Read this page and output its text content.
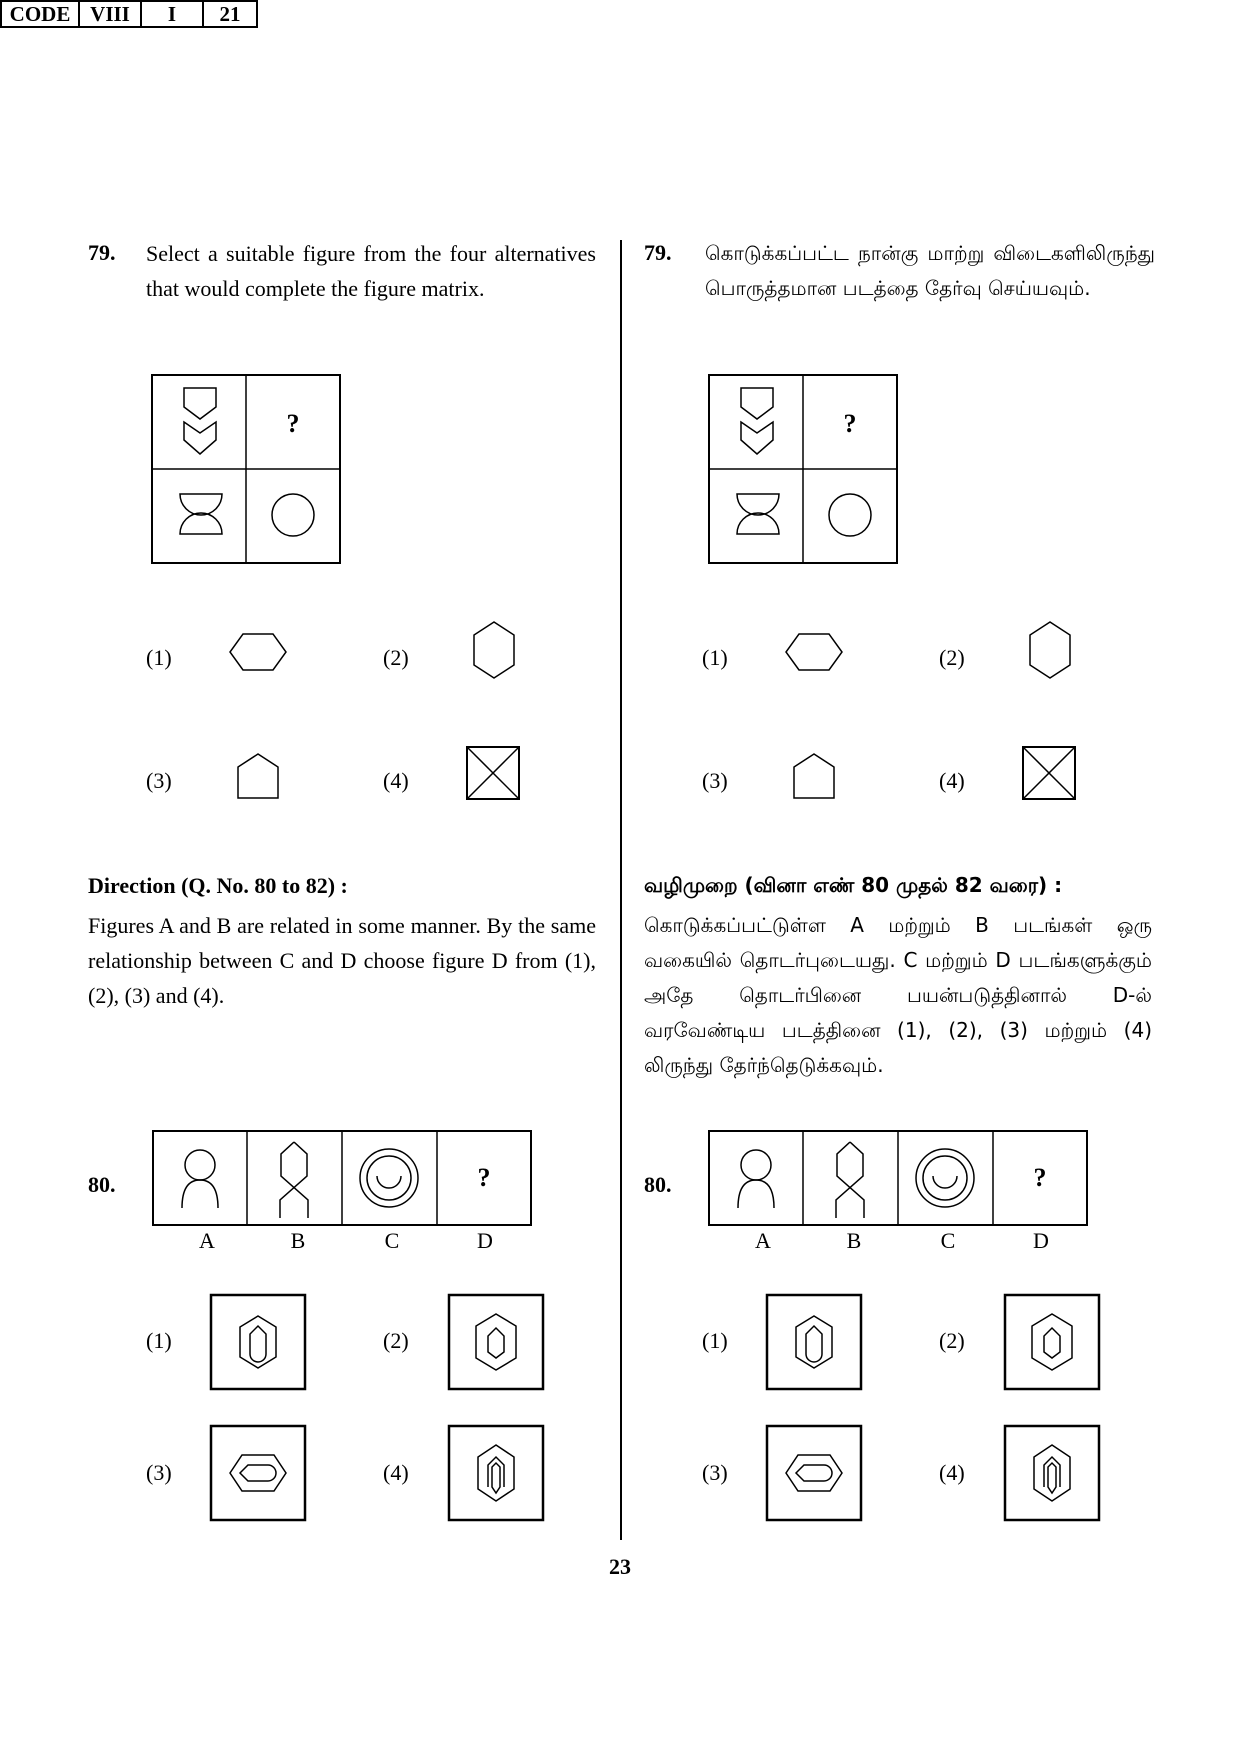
CODE VIII	I	21
79. Select a suitable figure from the four alternatives that would complete the figure matrix.
?
(1)	(2)
(3)	(4)
Direction (Q. No. 80 to 82) :
Figures A and B are related in some manner. By the same relationship between C and D choose figure D from (1), (2), (3) and (4).
80.	?
A	B	C	D
(1)	(2)
(3)	(4)
79. கொடுக்கப்பட்ட நான்கு மாற்று விடைகளிலிருந்து பொருத்தமான படத்தை தேர்வு செய்யவும்.
?
(1)	(2)
(3)	(4)
வழிமுறை (வினா எண் 80 முதல் 82 வரை) :
கொடுக்கப்பட்டுள்ள A மற்றும் B படங்கள் ஒரு வகையில் தொடர்புடையது. C மற்றும் D படங்களுக்கும் அதே தொடர்பினை பயன்படுத்தினால் D-ல் வரவேண்டிய படத்தினை (1), (2), (3) மற்றும் (4) லிருந்து தேர்ந்தெடுக்கவும்.
80.	?
A	B	C	D
(1)	(2)
(3)	(4)
23
